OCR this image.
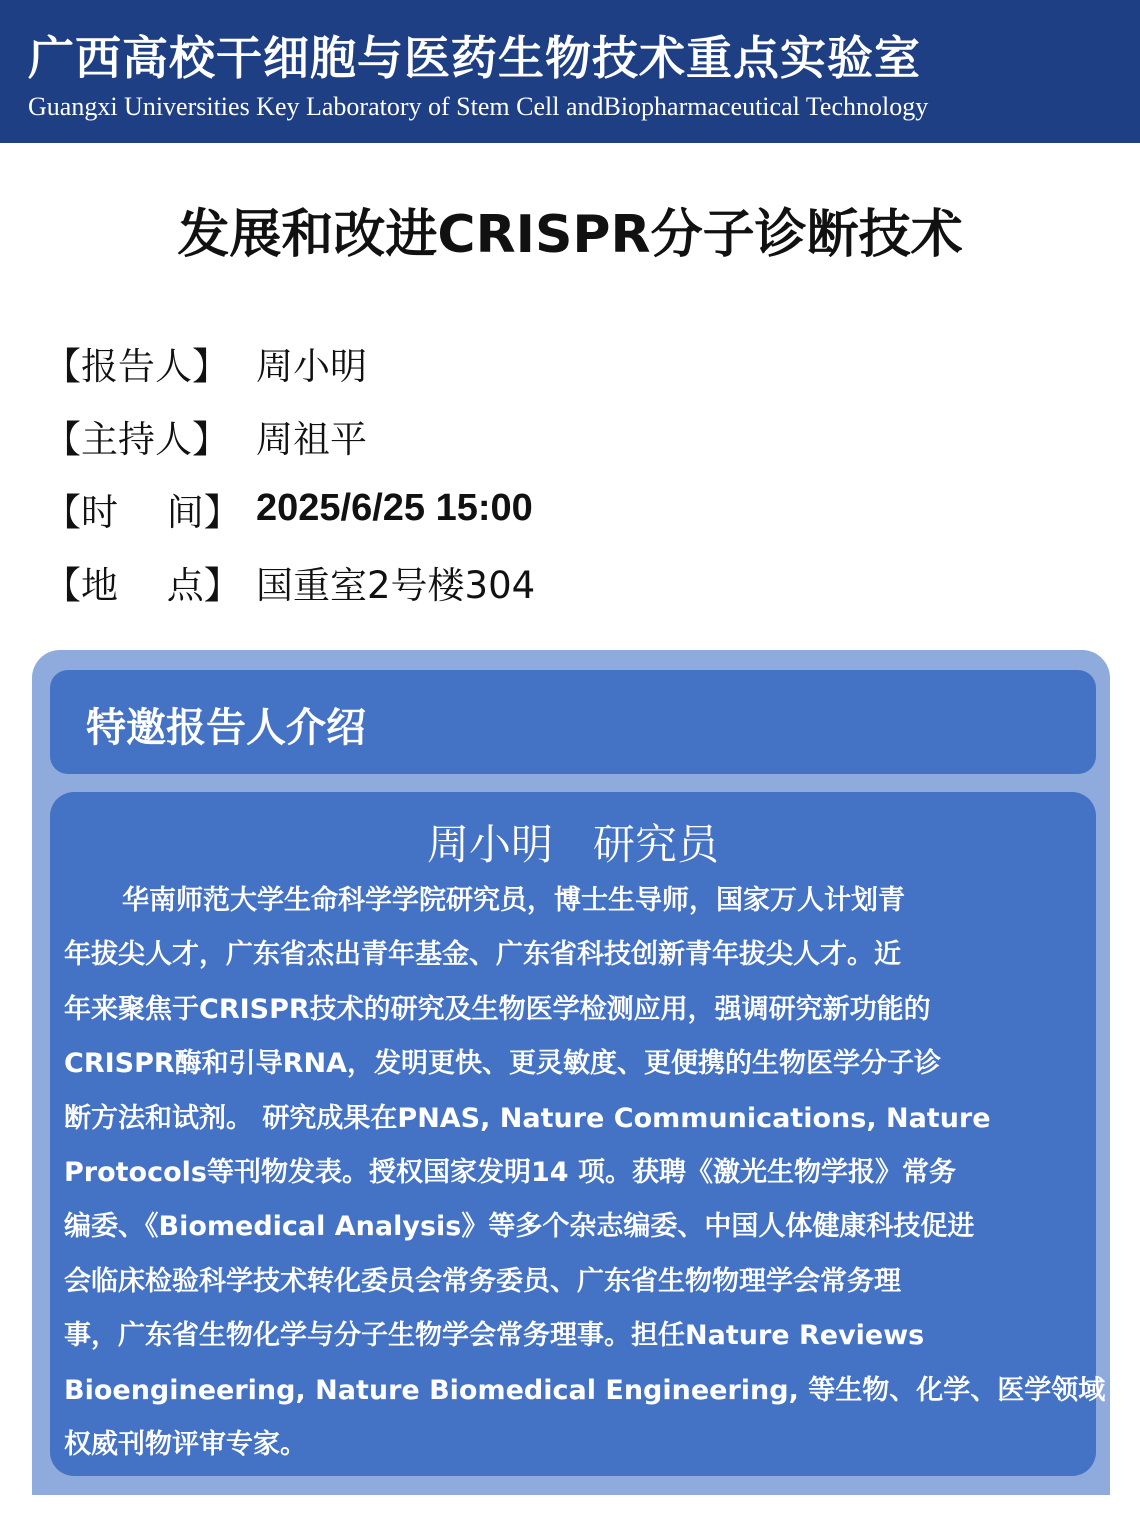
广西高校干细胞与医药生物技术重点实验室
Guangxi Universities Key Laboratory of Stem Cell andBiopharmaceutical Technology
发展和改进CRISPR分子诊断技术
【报告人】 周小明
【主持人】 周祖平
【时　 间】 2025/6/25 15:00
【地　 点】 国重室2号楼304
特邀报告人介绍
周小明 研究员
华南师范大学生命科学学院研究员，博士生导师，国家万人计划青
年拔尖人才，广东省杰出青年基金、广东省科技创新青年拔尖人才。近
年来聚焦于CRISPR技术的研究及生物医学检测应用，强调研究新功能的
CRISPR酶和引导RNA，发明更快、更灵敏度、更便携的生物医学分子诊
断方法和试剂。 研究成果在PNAS, Nature Communications, Nature
Protocols等刊物发表。授权国家发明14 项。获聘《激光生物学报》常务
编委、《Biomedical Analysis》等多个杂志编委、中国人体健康科技促进
会临床检验科学技术转化委员会常务委员、广东省生物物理学会常务理
事，广东省生物化学与分子生物学会常务理事。担任Nature Reviews
Bioengineering, Nature Biomedical Engineering, 等生物、化学、医学领域
权威刊物评审专家。
